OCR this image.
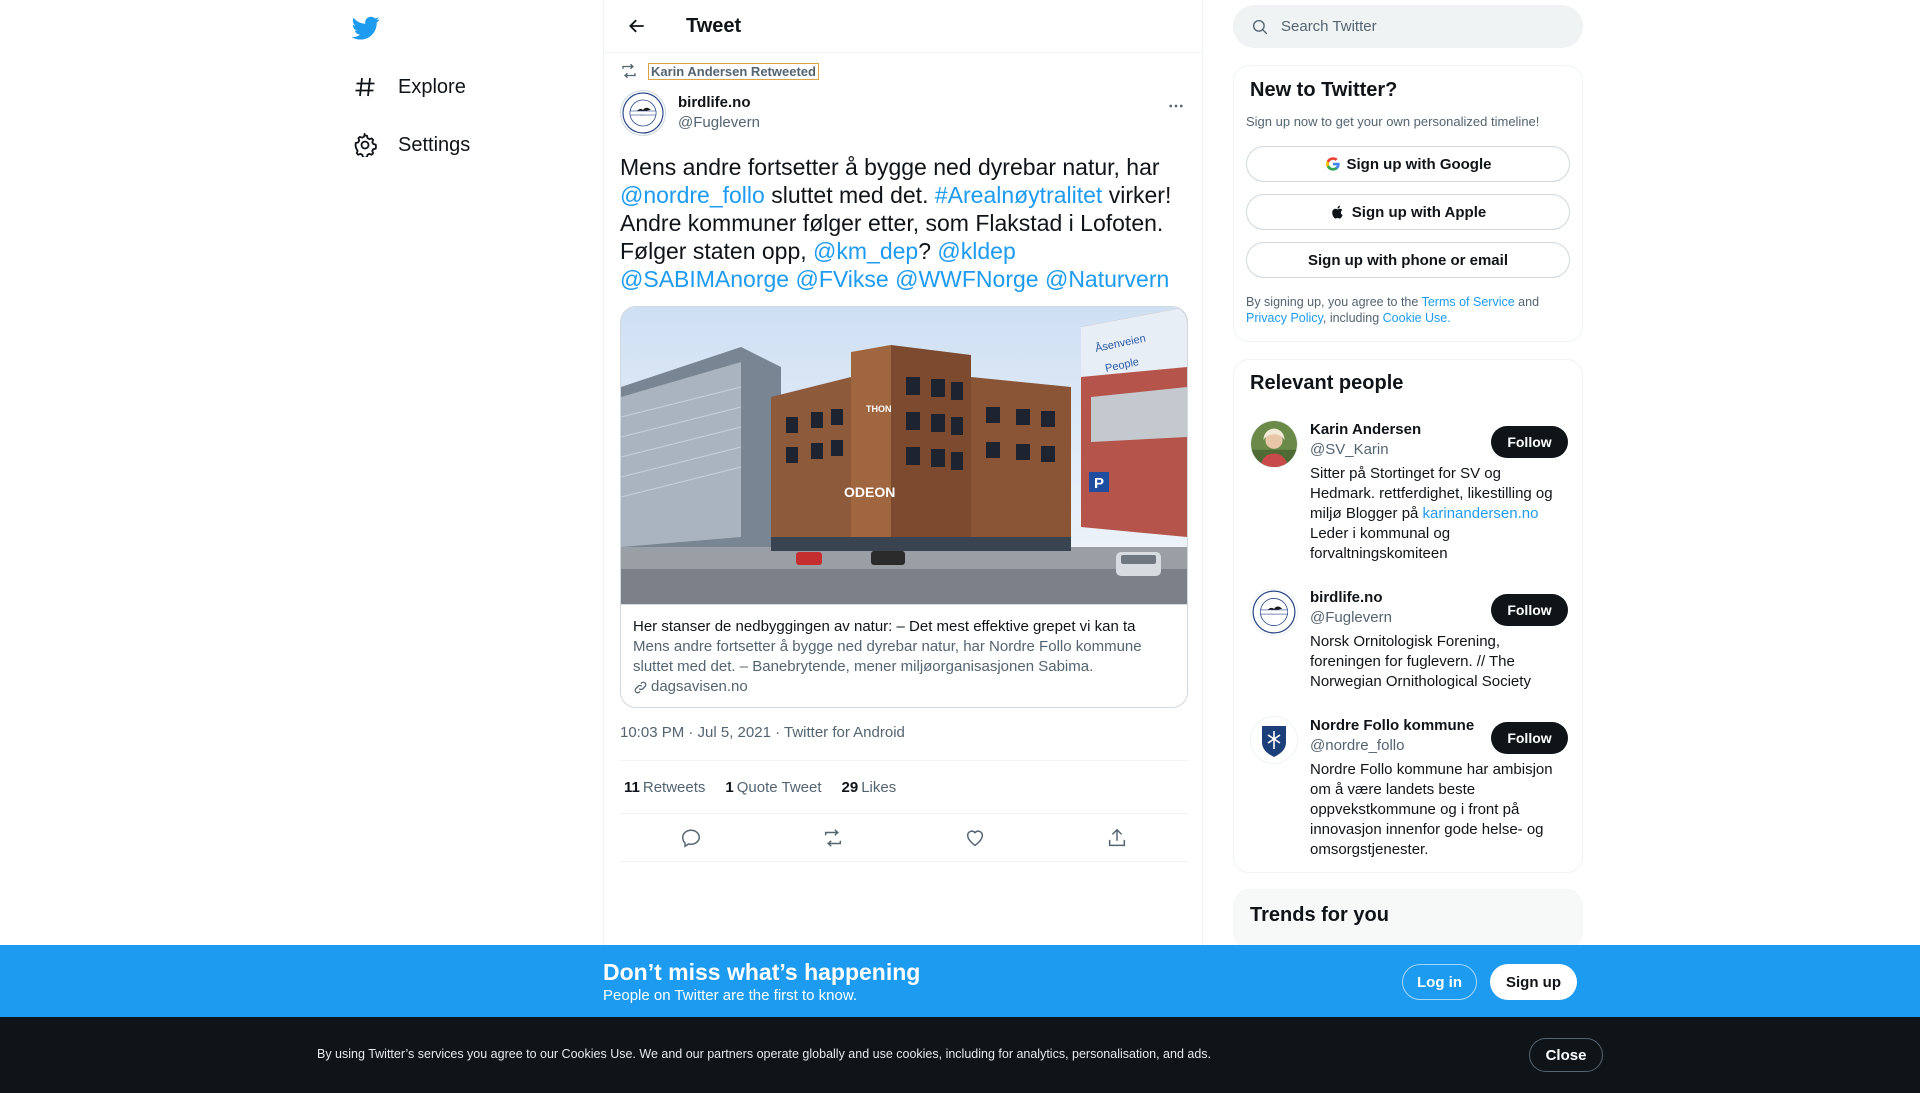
Explore
Settings
Tweet
Karin Andersen Retweeted
birdlife.no
@Fuglevern
Mens andre fortsetter å bygge ned dyrebar natur, har @nordre_follo sluttet med det. #Arealnøytralitet virker! Andre kommuner følger etter, som Flakstad i Lofoten. Følger staten opp, @km_dep? @kldep @SABIMAnorge @FVikse @WWFNorge @Naturvern
Åsenveien
People
ODEON
THON
P
Her stanser de nedbyggingen av natur: – Det mest effektive grepet vi kan ta
Mens andre fortsetter å bygge ned dyrebar natur, har Nordre Follo kommune sluttet med det. – Banebrytende, mener miljøorganisasjonen Sabima.
dagsavisen.no
10:03 PM · Jul 5, 2021 · Twitter for Android
11 Retweets 1 Quote Tweet 29 Likes
Search Twitter
New to Twitter?
Sign up now to get your own personalized timeline!
Sign up with Google
Sign up with Apple
Sign up with phone or email
By signing up, you agree to the Terms of Service and Privacy Policy, including Cookie Use.
Relevant people
Karin Andersen
@SV_Karin	Follow
Sitter på Stortinget for SV og Hedmark. rettferdighet, likestilling og miljø Blogger på karinandersen.no Leder i kommunal og forvaltningskomiteen
birdlife.no
@Fuglevern	Follow
Norsk Ornitologisk Forening, foreningen for fuglevern. // The Norwegian Ornithological Society
Nordre Follo kommune
@nordre_follo	Follow
Nordre Follo kommune har ambisjon om å være landets beste oppvekstkommune og i front på innovasjon innenfor gode helse- og omsorgstjenester.
Trends for you
Don’t miss what’s happening
People on Twitter are the first to know.
Log in	Sign up
By using Twitter’s services you agree to our Cookies Use. We and our partners operate globally and use cookies, including for analytics, personalisation, and ads.	Close
